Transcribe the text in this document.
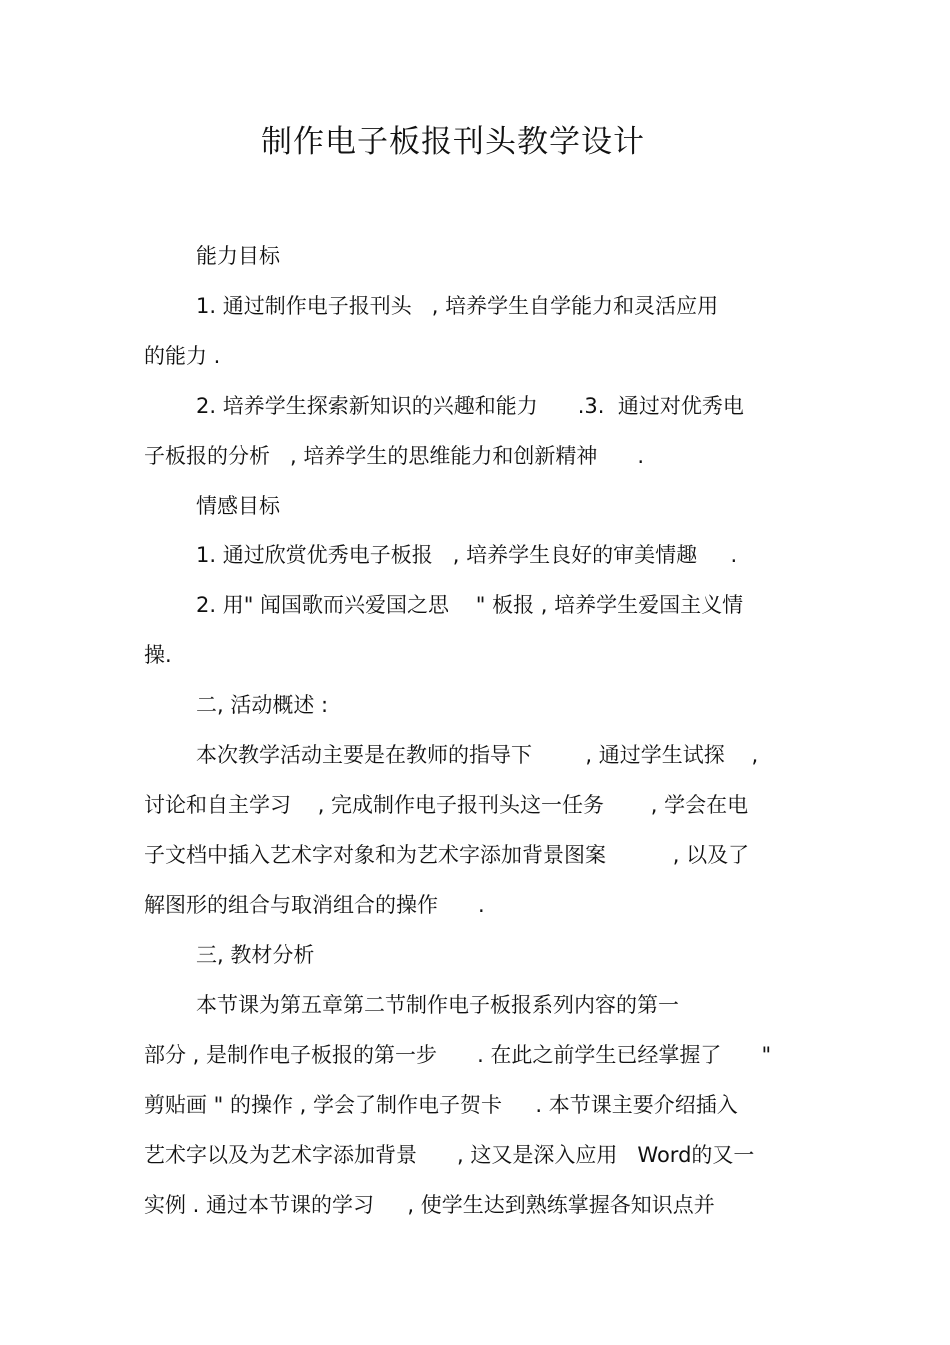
制作电子板报刊头教学设计
能力目标
1. 通过制作电子报刊头   , 培养学生自学能力和灵活应用
的能力 .
2. 培养学生探索新知识的兴趣和能力      .3.  通过对优秀电
子板报的分析   , 培养学生的思维能力和创新精神      .
情感目标
1. 通过欣赏优秀电子板报   , 培养学生良好的审美情趣     .
2. 用" 闻国歌而兴爱国之思    " 板报 , 培养学生爱国主义情
操.
二, 活动概述 :
本次教学活动主要是在教师的指导下        , 通过学生试探    ,
讨论和自主学习    , 完成制作电子报刊头这一任务       , 学会在电
子文档中插入艺术字对象和为艺术字添加背景图案          , 以及了
解图形的组合与取消组合的操作      .
三, 教材分析
本节课为第五章第二节制作电子板报系列内容的第一
部分 , 是制作电子板报的第一步      . 在此之前学生已经掌握了      "
剪贴画 " 的操作 , 学会了制作电子贺卡     . 本节课主要介绍插入
艺术字以及为艺术字添加背景      , 这又是深入应用   Word的又一
实例 . 通过本节课的学习     , 使学生达到熟练掌握各知识点并
